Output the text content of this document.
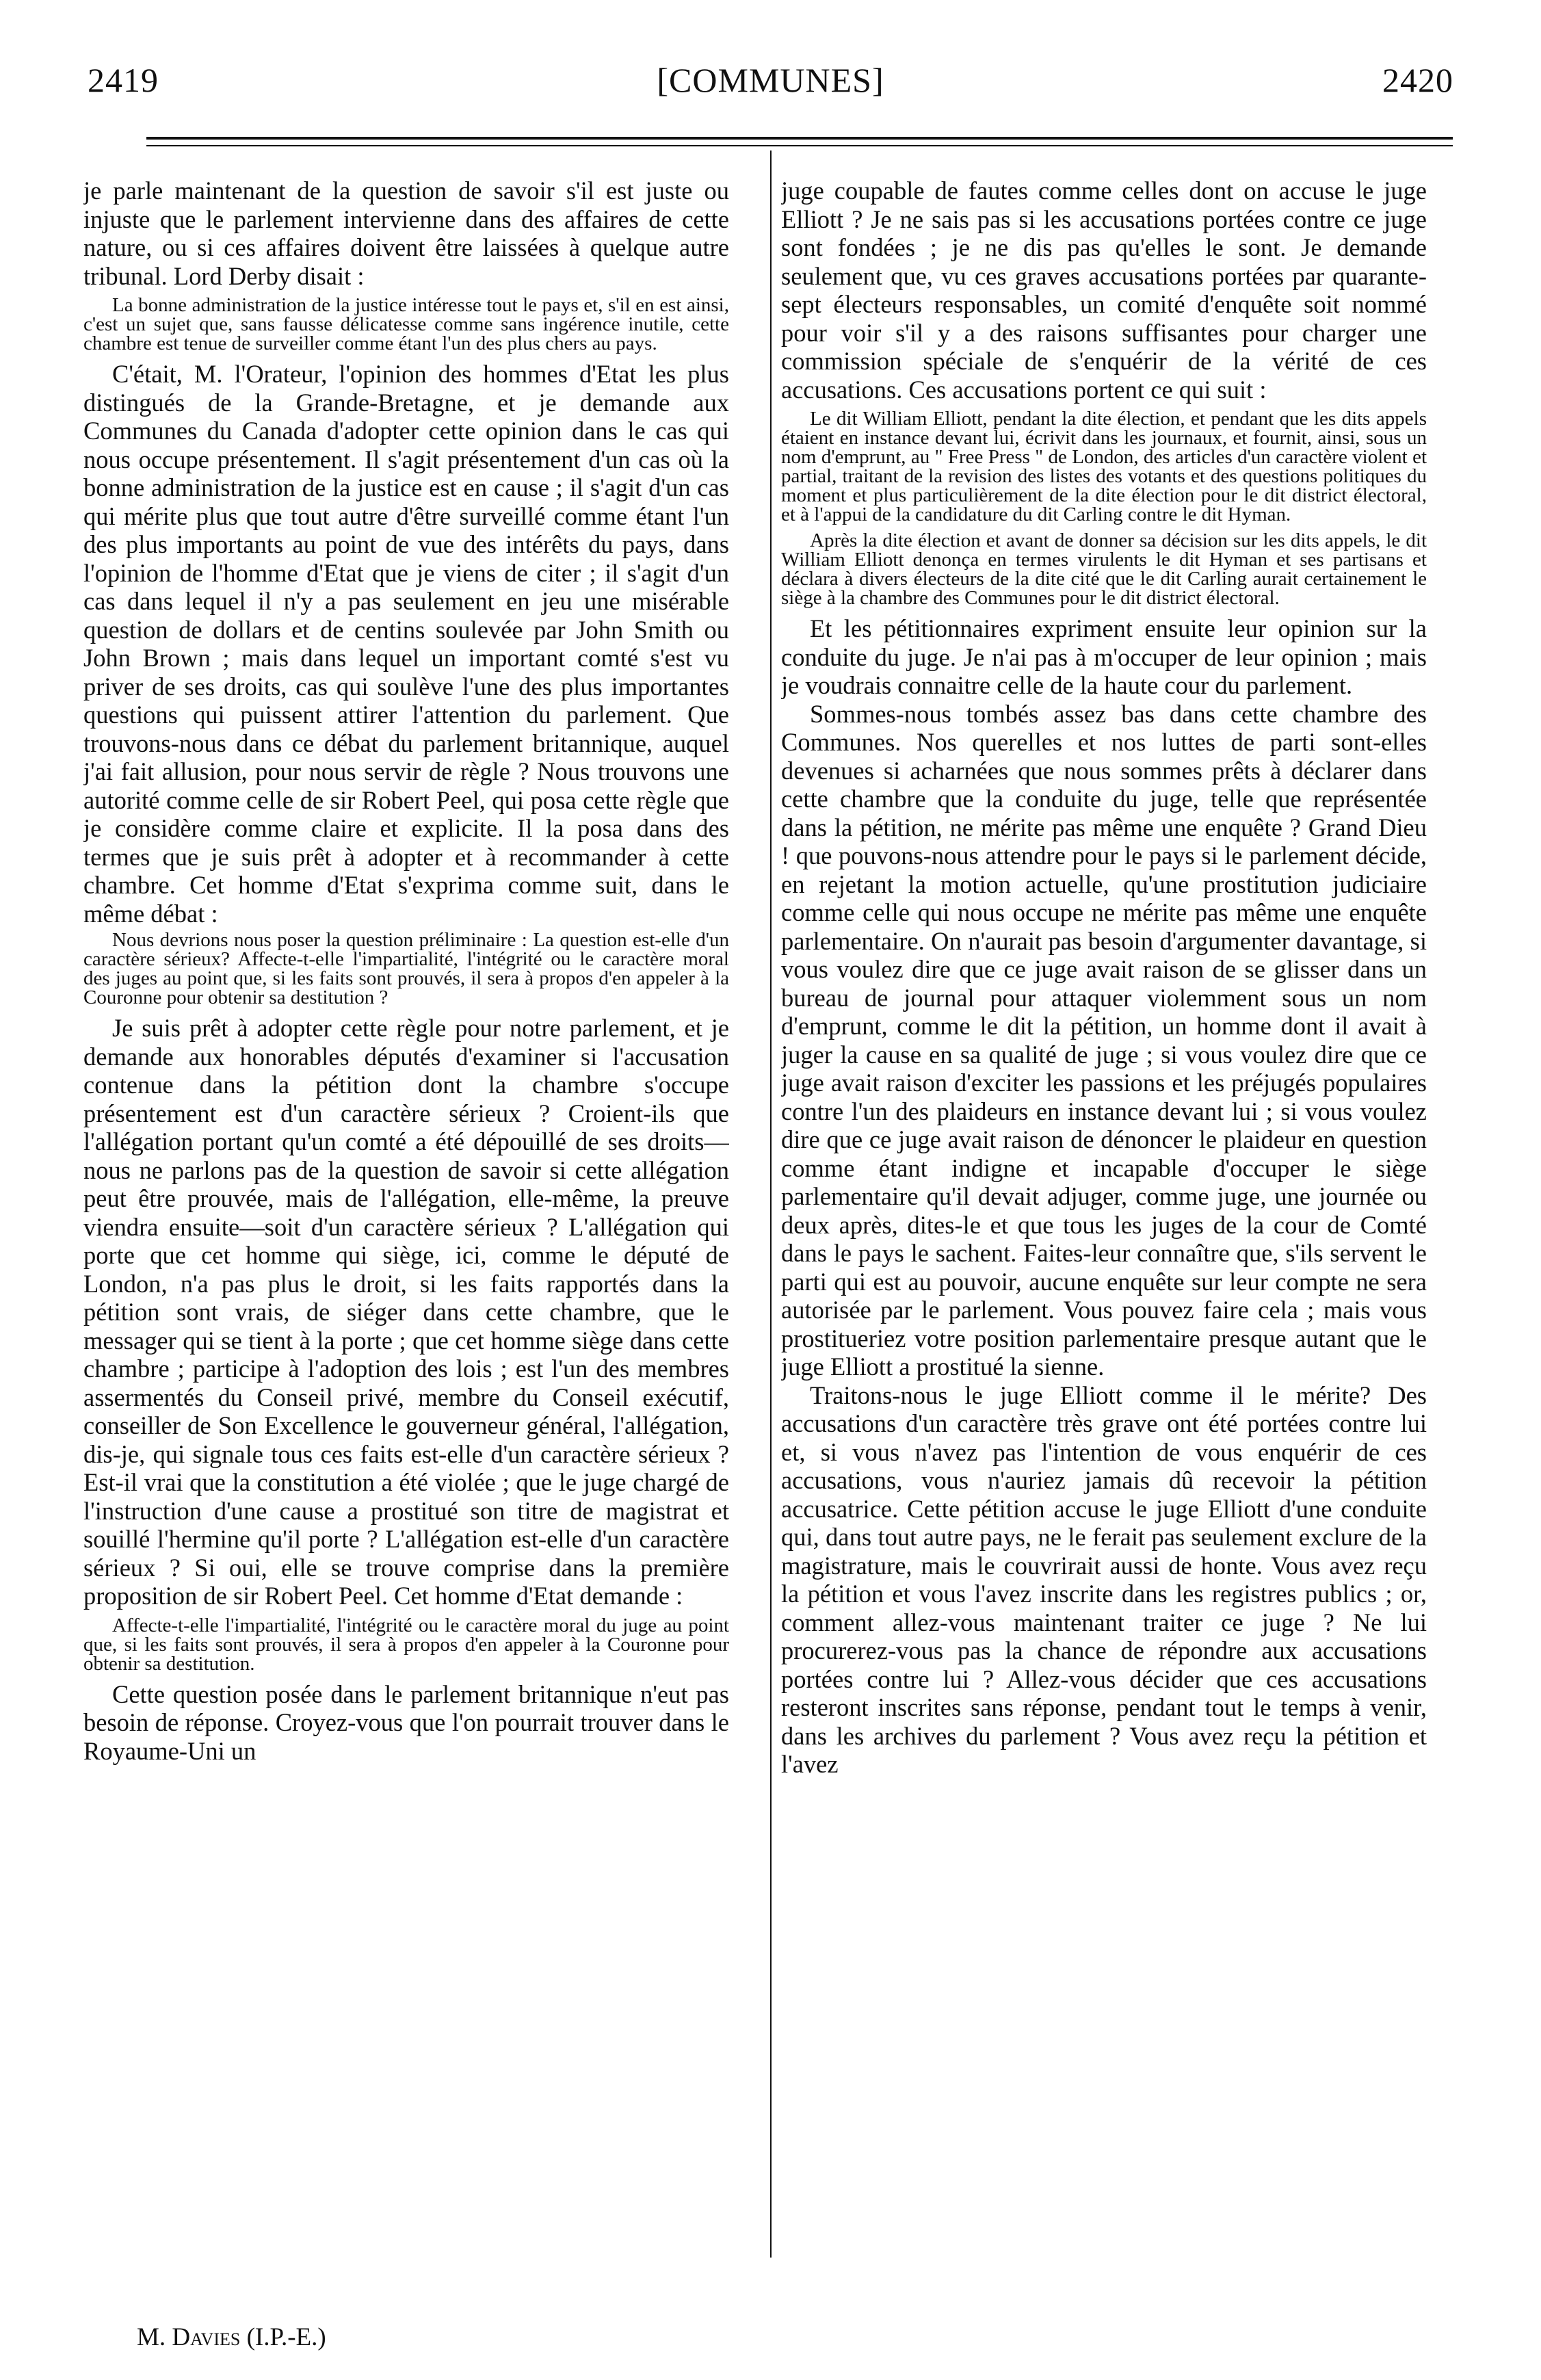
2419	[COMMUNES]	2420

je parle maintenant de la question de savoir s'il est juste ou injuste que le parlement intervienne dans des affaires de cette nature, ou si ces affaires doivent être laissées à quelque autre tribunal. Lord Derby disait :

La bonne administration de la justice intéresse tout le pays et, s'il en est ainsi, c'est un sujet que, sans fausse délicatesse comme sans ingérence inutile, cette chambre est tenue de surveiller comme étant l'un des plus chers au pays.

C'était, M. l'Orateur, l'opinion des hommes d'Etat les plus distingués de la Grande-Bretagne, et je demande aux Communes du Canada d'adopter cette opinion dans le cas qui nous occupe présentement. Il s'agit présentement d'un cas où la bonne administration de la justice est en cause ; il s'agit d'un cas qui mérite plus que tout autre d'être surveillé comme étant l'un des plus importants au point de vue des intérêts du pays, dans l'opinion de l'homme d'Etat que je viens de citer ; il s'agit d'un cas dans lequel il n'y a pas seulement en jeu une misérable question de dollars et de centins soulevée par John Smith ou John Brown ; mais dans lequel un important comté s'est vu priver de ses droits, cas qui soulève l'une des plus importantes questions qui puissent attirer l'attention du parlement. Que trouvons-nous dans ce débat du parlement britannique, auquel j'ai fait allusion, pour nous servir de règle ? Nous trouvons une autorité comme celle de sir Robert Peel, qui posa cette règle que je considère comme claire et explicite. Il la posa dans des termes que je suis prêt à adopter et à recommander à cette chambre. Cet homme d'Etat s'exprima comme suit, dans le même débat :

Nous devrions nous poser la question préliminaire : La question est-elle d'un caractère sérieux? Affecte-t-elle l'impartialité, l'intégrité ou le caractère moral des juges au point que, si les faits sont prouvés, il sera à propos d'en appeler à la Couronne pour obtenir sa destitution ?

Je suis prêt à adopter cette règle pour notre parlement, et je demande aux honorables députés d'examiner si l'accusation contenue dans la pétition dont la chambre s'occupe présentement est d'un caractère sérieux ? Croient-ils que l'allégation portant qu'un comté a été dépouillé de ses droits—nous ne parlons pas de la question de savoir si cette allégation peut être prouvée, mais de l'allégation, elle-même, la preuve viendra ensuite—soit d'un caractère sérieux ? L'allégation qui porte que cet homme qui siège, ici, comme le député de London, n'a pas plus le droit, si les faits rapportés dans la pétition sont vrais, de siéger dans cette chambre, que le messager qui se tient à la porte ; que cet homme siège dans cette chambre ; participe à l'adoption des lois ; est l'un des membres assermentés du Conseil privé, membre du Conseil exécutif, conseiller de Son Excellence le gouverneur général, l'allégation, dis-je, qui signale tous ces faits est-elle d'un caractère sérieux ? Est-il vrai que la constitution a été violée ; que le juge chargé de l'instruction d'une cause a prostitué son titre de magistrat et souillé l'hermine qu'il porte ? L'allégation est-elle d'un caractère sérieux ? Si oui, elle se trouve comprise dans la première proposition de sir Robert Peel. Cet homme d'Etat demande :

Affecte-t-elle l'impartialité, l'intégrité ou le caractère moral du juge au point que, si les faits sont prouvés, il sera à propos d'en appeler à la Couronne pour obtenir sa destitution.

Cette question posée dans le parlement britannique n'eut pas besoin de réponse. Croyez-vous que l'on pourrait trouver dans le Royaume-Uni un

juge coupable de fautes comme celles dont on accuse le juge Elliott ? Je ne sais pas si les accusations portées contre ce juge sont fondées ; je ne dis pas qu'elles le sont. Je demande seulement que, vu ces graves accusations portées par quarante-sept électeurs responsables, un comité d'enquête soit nommé pour voir s'il y a des raisons suffisantes pour charger une commission spéciale de s'enquérir de la vérité de ces accusations. Ces accusations portent ce qui suit :

Le dit William Elliott, pendant la dite élection, et pendant que les dits appels étaient en instance devant lui, écrivit dans les journaux, et fournit, ainsi, sous un nom d'emprunt, au " Free Press " de London, des articles d'un caractère violent et partial, traitant de la revision des listes des votants et des questions politiques du moment et plus particulièrement de la dite élection pour le dit district électoral, et à l'appui de la candidature du dit Carling contre le dit Hyman.

Après la dite élection et avant de donner sa décision sur les dits appels, le dit William Elliott denonça en termes virulents le dit Hyman et ses partisans et déclara à divers électeurs de la dite cité que le dit Carling aurait certainement le siège à la chambre des Communes pour le dit district électoral.

Et les pétitionnaires expriment ensuite leur opinion sur la conduite du juge. Je n'ai pas à m'occuper de leur opinion ; mais je voudrais connaitre celle de la haute cour du parlement.

Sommes-nous tombés assez bas dans cette chambre des Communes. Nos querelles et nos luttes de parti sont-elles devenues si acharnées que nous sommes prêts à déclarer dans cette chambre que la conduite du juge, telle que représentée dans la pétition, ne mérite pas même une enquête ? Grand Dieu ! que pouvons-nous attendre pour le pays si le parlement décide, en rejetant la motion actuelle, qu'une prostitution judiciaire comme celle qui nous occupe ne mérite pas même une enquête parlementaire. On n'aurait pas besoin d'argumenter davantage, si vous voulez dire que ce juge avait raison de se glisser dans un bureau de journal pour attaquer violemment sous un nom d'emprunt, comme le dit la pétition, un homme dont il avait à juger la cause en sa qualité de juge ; si vous voulez dire que ce juge avait raison d'exciter les passions et les préjugés populaires contre l'un des plaideurs en instance devant lui ; si vous voulez dire que ce juge avait raison de dénoncer le plaideur en question comme étant indigne et incapable d'occuper le siège parlementaire qu'il devait adjuger, comme juge, une journée ou deux après, dites-le et que tous les juges de la cour de Comté dans le pays le sachent. Faites-leur connaître que, s'ils servent le parti qui est au pouvoir, aucune enquête sur leur compte ne sera autorisée par le parlement. Vous pouvez faire cela ; mais vous prostitueriez votre position parlementaire presque autant que le juge Elliott a prostitué la sienne.

Traitons-nous le juge Elliott comme il le mérite? Des accusations d'un caractère très grave ont été portées contre lui et, si vous n'avez pas l'intention de vous enquérir de ces accusations, vous n'auriez jamais dû recevoir la pétition accusatrice. Cette pétition accuse le juge Elliott d'une conduite qui, dans tout autre pays, ne le ferait pas seulement exclure de la magistrature, mais le couvrirait aussi de honte. Vous avez reçu la pétition et vous l'avez inscrite dans les registres publics ; or, comment allez-vous maintenant traiter ce juge ? Ne lui procurerez-vous pas la chance de répondre aux accusations portées contre lui ? Allez-vous décider que ces accusations resteront inscrites sans réponse, pendant tout le temps à venir, dans les archives du parlement ? Vous avez reçu la pétition et l'avez

M. Davies (I.P.-E.)
